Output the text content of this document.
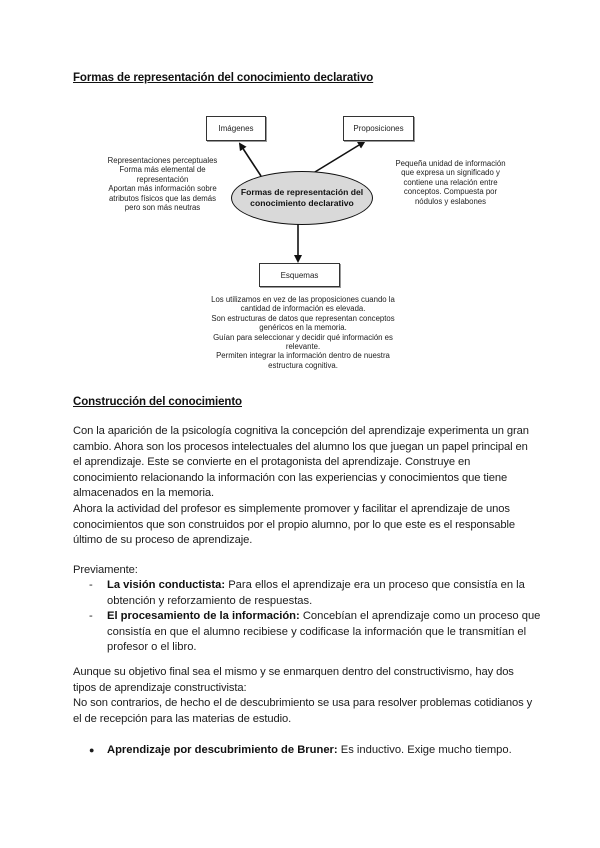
Formas de representación del conocimiento declarativo
Imágenes	Proposiciones
Formas de representación del
conocimiento declarativo
Esquemas
Representaciones perceptuales
Forma más elemental de
representación
Aportan más información sobre
atributos físicos que las demás
pero son más neutras
Pequeña unidad de información
que expresa un significado y
contiene una relación entre
conceptos. Compuesta por
nódulos y eslabones
Los utilizamos en vez de las proposiciones cuando la
cantidad de información es elevada.
Son estructuras de datos que representan conceptos
genéricos en la memoria.
Guían para seleccionar y decidir qué información es
relevante.
Permiten integrar la información dentro de nuestra
estructura cognitiva.
Construcción del conocimiento

Con la aparición de la psicología cognitiva la concepción del aprendizaje experimenta un gran cambio. Ahora son los procesos intelectuales del alumno los que juegan un papel principal en el aprendizaje. Este se convierte en el protagonista del aprendizaje. Construye en conocimiento relacionando la información con las experiencias y conocimientos que tiene almacenados en la memoria.

Ahora la actividad del profesor es simplemente promover y facilitar el aprendizaje de unos conocimientos que son construidos por el propio alumno, por lo que este es el responsable último de su proceso de aprendizaje.

Previamente:
- La visión conductista: Para ellos el aprendizaje era un proceso que consistía en la obtención y reforzamiento de respuestas.
- El procesamiento de la información: Concebían el aprendizaje como un proceso que consistía en que el alumno recibiese y codificase la información que le transmitían el profesor o el libro.

Aunque su objetivo final sea el mismo y se enmarquen dentro del constructivismo, hay dos tipos de aprendizaje constructivista:

No son contrarios, de hecho el de descubrimiento se usa para resolver problemas cotidianos y el de recepción para las materias de estudio.

● Aprendizaje por descubrimiento de Bruner: Es inductivo. Exige mucho tiempo.
